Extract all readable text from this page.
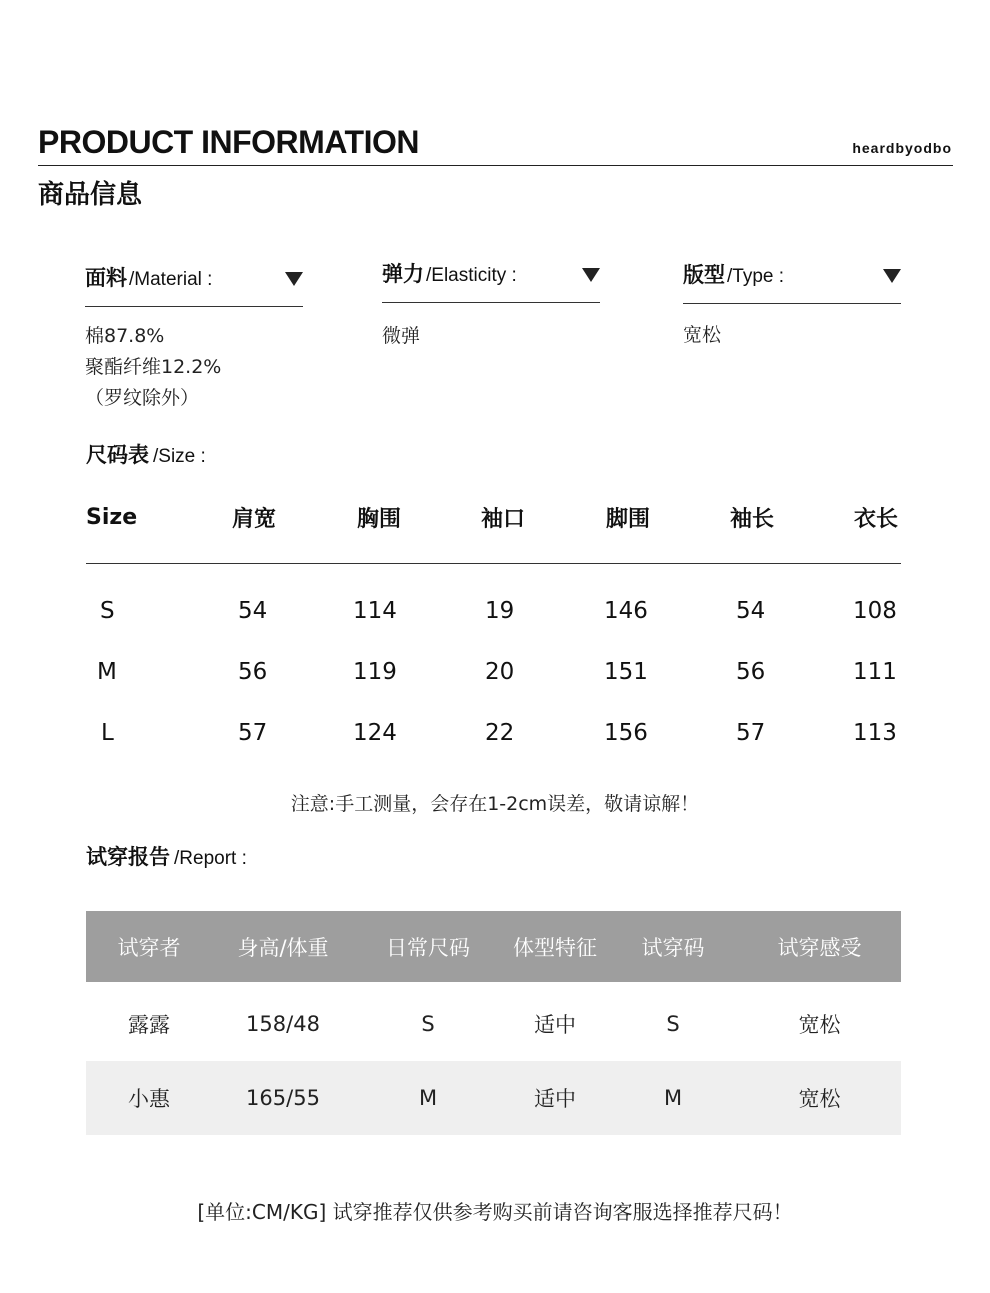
PRODUCT INFORMATION	heardbyodbo
商品信息
面料 /Material :
棉87.8%
聚酯纤维12.2%
（罗纹除外）
弹力 /Elasticity :
微弹
版型 /Type :
宽松
尺码表 /Size :
Size	肩宽	胸围	袖口	脚围	袖长	衣长
S	54	114	19	146	54	108
M	56	119	20	151	56	111
L	57	124	22	156	57	113
注意:手工测量，会存在1-2cm误差，敬请谅解！
试穿报告 /Report :
试穿者	身高/体重	日常尺码	体型特征	试穿码	试穿感受
露露	158/48	S	适中	S	宽松
小惠	165/55	M	适中	M	宽松
[单位:CM/KG] 试穿推荐仅供参考购买前请咨询客服选择推荐尺码！
